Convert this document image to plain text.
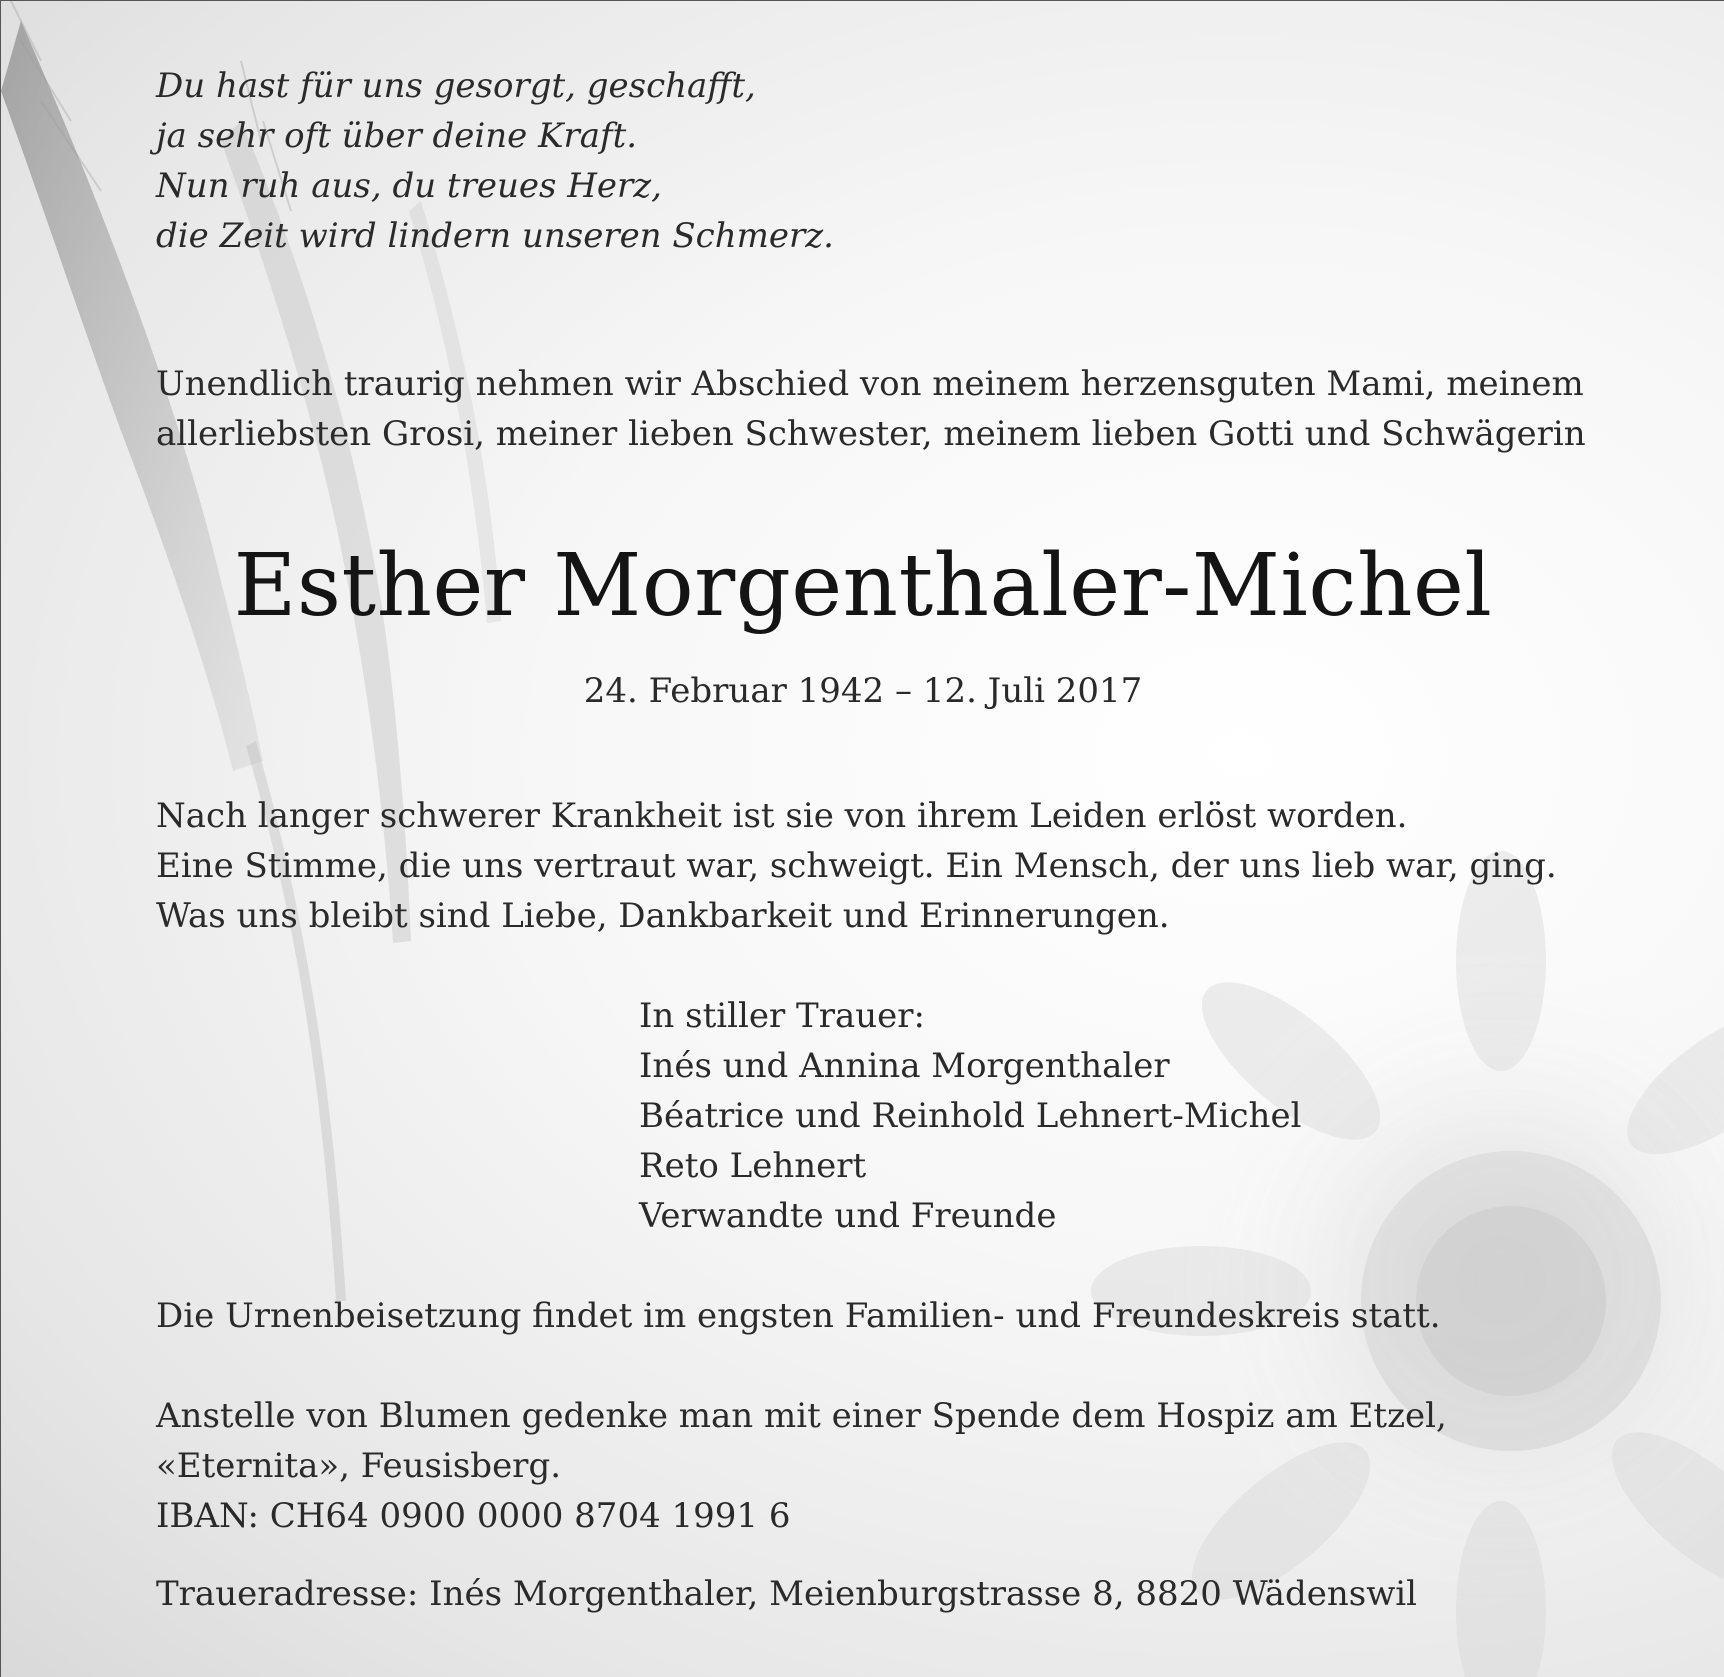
Du hast für uns gesorgt, geschafft,
ja sehr oft über deine Kraft.
Nun ruh aus, du treues Herz,
die Zeit wird lindern unseren Schmerz.
Unendlich traurig nehmen wir Abschied von meinem herzensguten Mami, meinem
allerliebsten Grosi, meiner lieben Schwester, meinem lieben Gotti und Schwägerin
Esther Morgenthaler-Michel
24. Februar 1942 – 12. Juli 2017
Nach langer schwerer Krankheit ist sie von ihrem Leiden erlöst worden.
Eine Stimme, die uns vertraut war, schweigt. Ein Mensch, der uns lieb war, ging.
Was uns bleibt sind Liebe, Dankbarkeit und Erinnerungen.
In stiller Trauer:
Inés und Annina Morgenthaler
Béatrice und Reinhold Lehnert-Michel
Reto Lehnert
Verwandte und Freunde
Die Urnenbeisetzung findet im engsten Familien- und Freundeskreis statt.
Anstelle von Blumen gedenke man mit einer Spende dem Hospiz am Etzel,
«Eternita», Feusisberg.
IBAN: CH64 0900 0000 8704 1991 6
Traueradresse: Inés Morgenthaler, Meienburgstrasse 8, 8820 Wädenswil
